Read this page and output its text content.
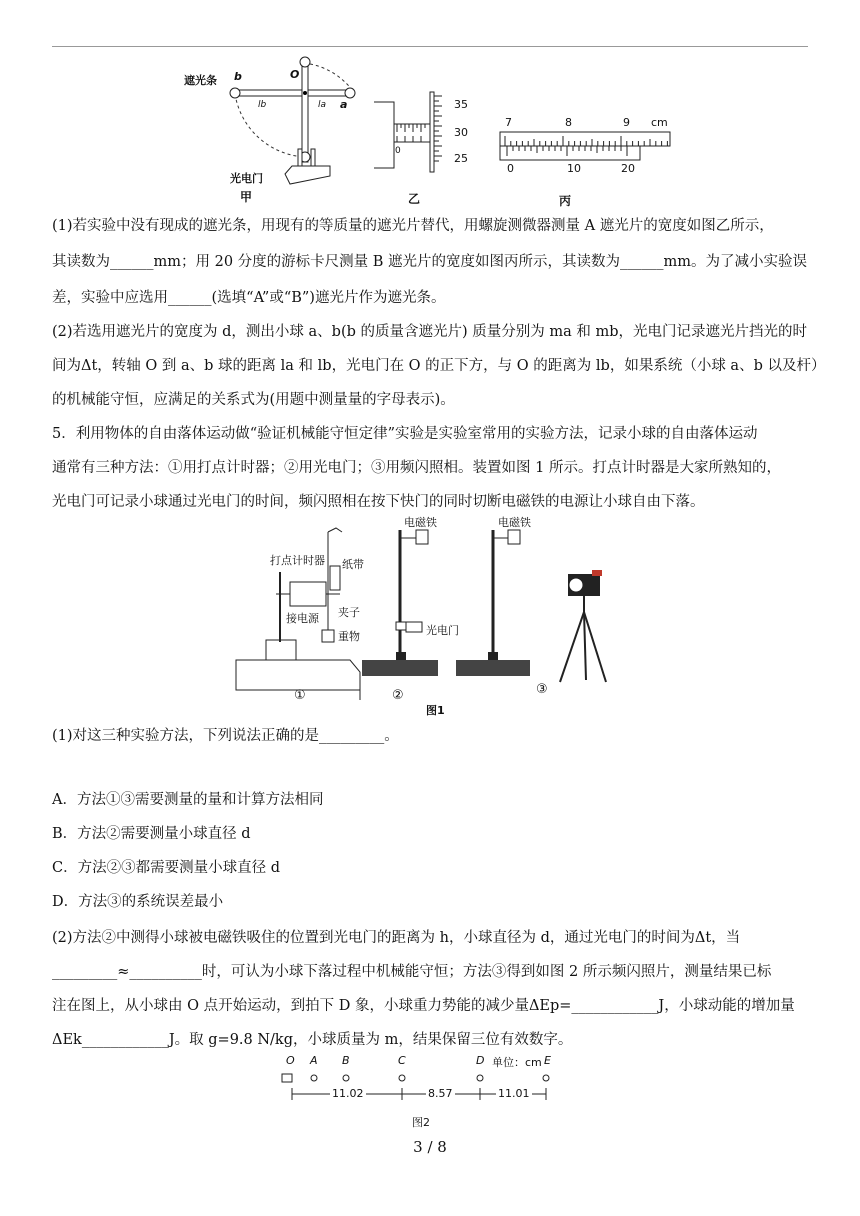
遮光条 b	O
a
lb	la
光电门
甲
35
30
25
0
乙
7	8	9 cm
0	10	20
丙
(1)若实验中没有现成的遮光条，用现有的等质量的遮光片替代，用螺旋测微器测量 A 遮光片的宽度如图乙所示，
其读数为______mm；用 20 分度的游标卡尺测量 B 遮光片的宽度如图丙所示，其读数为______mm。为了减小实验误
差，实验中应选用______(选填“A”或“B”)遮光片作为遮光条。
(2)若选用遮光片的宽度为 d，测出小球 a、b(b 的质量含遮光片) 质量分别为 ma 和 mb，光电门记录遮光片挡光的时
间为Δt，转轴 O 到 a、b 球的距离 la 和 lb，光电门在 O 的正下方，与 O 的距离为 lb，如果系统（小球 a、b 以及杆）
的机械能守恒，应满足的关系式为(用题中测量量的字母表示)。
5．利用物体的自由落体运动做“验证机械能守恒定律”实验是实验室常用的实验方法，记录小球的自由落体运动
通常有三种方法：①用打点计时器；②用光电门；③用频闪照相。装置如图 1 所示。打点计时器是大家所熟知的，
光电门可记录小球通过光电门的时间，频闪照相在按下快门的同时切断电磁铁的电源让小球自由下落。
打点计时器 纸带
接电源 夹子
重物
电磁铁
光电门
电磁铁
①	②	③
图1
(1)对这三种实验方法，下列说法正确的是_________。
A．方法①③需要测量的量和计算方法相同
B．方法②需要测量小球直径 d
C．方法②③都需要测量小球直径 d
D．方法③的系统误差最小
(2)方法②中测得小球被电磁铁吸住的位置到光电门的距离为 h，小球直径为 d，通过光电门的时间为Δt，当
_________≈__________时，可认为小球下落过程中机械能守恒；方法③得到如图 2 所示频闪照片，测量结果已标
注在图上，从小球由 O 点开始运动，到拍下 D 象，小球重力势能的减少量ΔEp=____________J，小球动能的增加量
ΔEk____________J。取 g=9.8 N/kg，小球质量为 m，结果保留三位有效数字。
O A B	C	D 单位：cm E
11.02	8.57	11.01
图2
3 / 8
